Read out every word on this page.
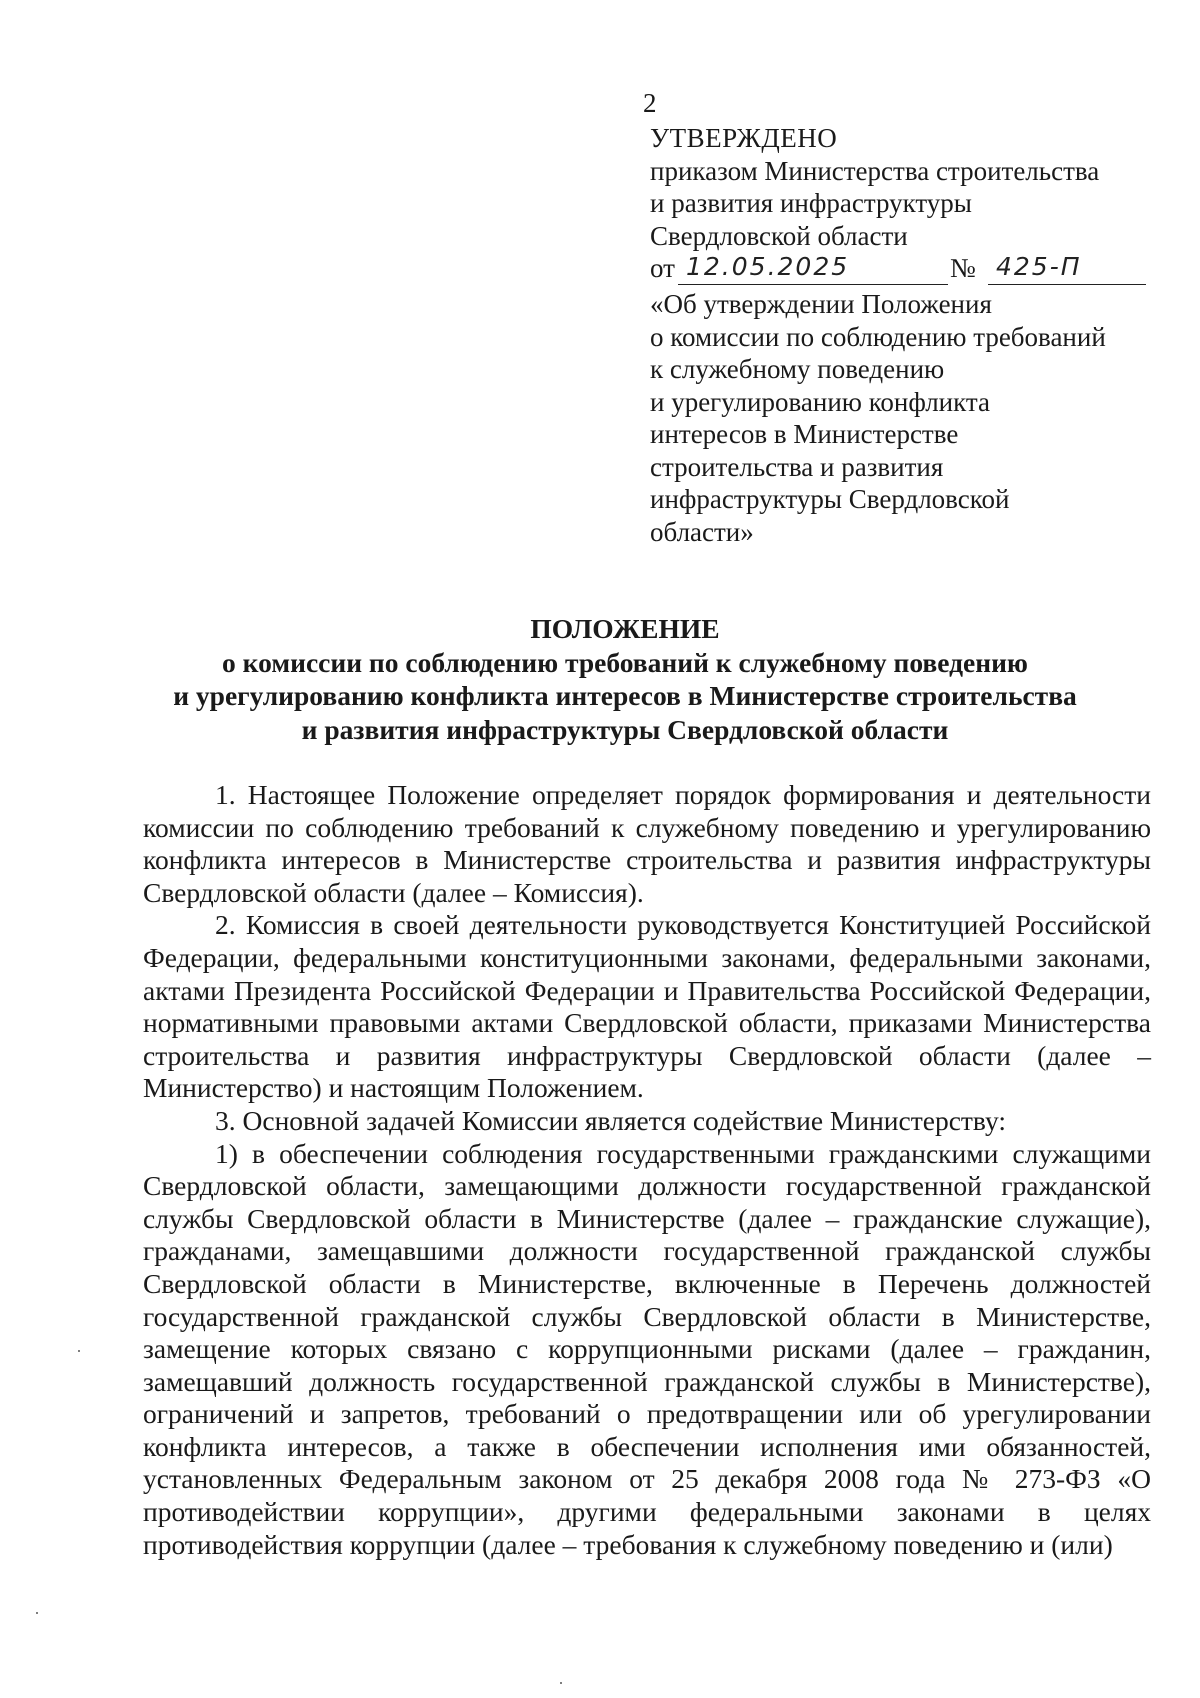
2
УТВЕРЖДЕНО
приказом Министерства строительства
и развития инфраструктуры
Свердловской области
от 12.05.2025	№ 425-П
«Об утверждении Положения
о комиссии по соблюдению требований
к служебному поведению
и урегулированию конфликта
интересов в Министерстве
строительства и развития
инфраструктуры Свердловской
области»
ПОЛОЖЕНИЕ
о комиссии по соблюдению требований к служебному поведению
и урегулированию конфликта интересов в Министерстве строительства
и развития инфраструктуры Свердловской области

1. Настоящее Положение определяет порядок формирования и деятельности комиссии по соблюдению требований к служебному поведению и урегулированию конфликта интересов в Министерстве строительства и развития инфраструктуры Свердловской области (далее – Комиссия).

2. Комиссия в своей деятельности руководствуется Конституцией Российской Федерации, федеральными конституционными законами, федеральными законами, актами Президента Российской Федерации и Правительства Российской Федерации, нормативными правовыми актами Свердловской области, приказами Министерства строительства и развития инфраструктуры Свердловской области (далее – Министерство) и настоящим Положением.

3. Основной задачей Комиссии является содействие Министерству:

1) в обеспечении соблюдения государственными гражданскими служащими Свердловской области, замещающими должности государственной гражданской службы Свердловской области в Министерстве (далее – гражданские служащие), гражданами, замещавшими должности государственной гражданской службы Свердловской области в Министерстве, включенные в Перечень должностей государственной гражданской службы Свердловской области в Министерстве, замещение которых связано с коррупционными рисками (далее – гражданин, замещавший должность государственной гражданской службы в Министерстве), ограничений и запретов, требований о предотвращении или об урегулировании конфликта интересов, а также в обеспечении исполнения ими обязанностей, установленных Федеральным законом от 25 декабря 2008 года № 273-ФЗ «О противодействии коррупции», другими федеральными законами в целях противодействия коррупции (далее – требования к служебному поведению и (или)
